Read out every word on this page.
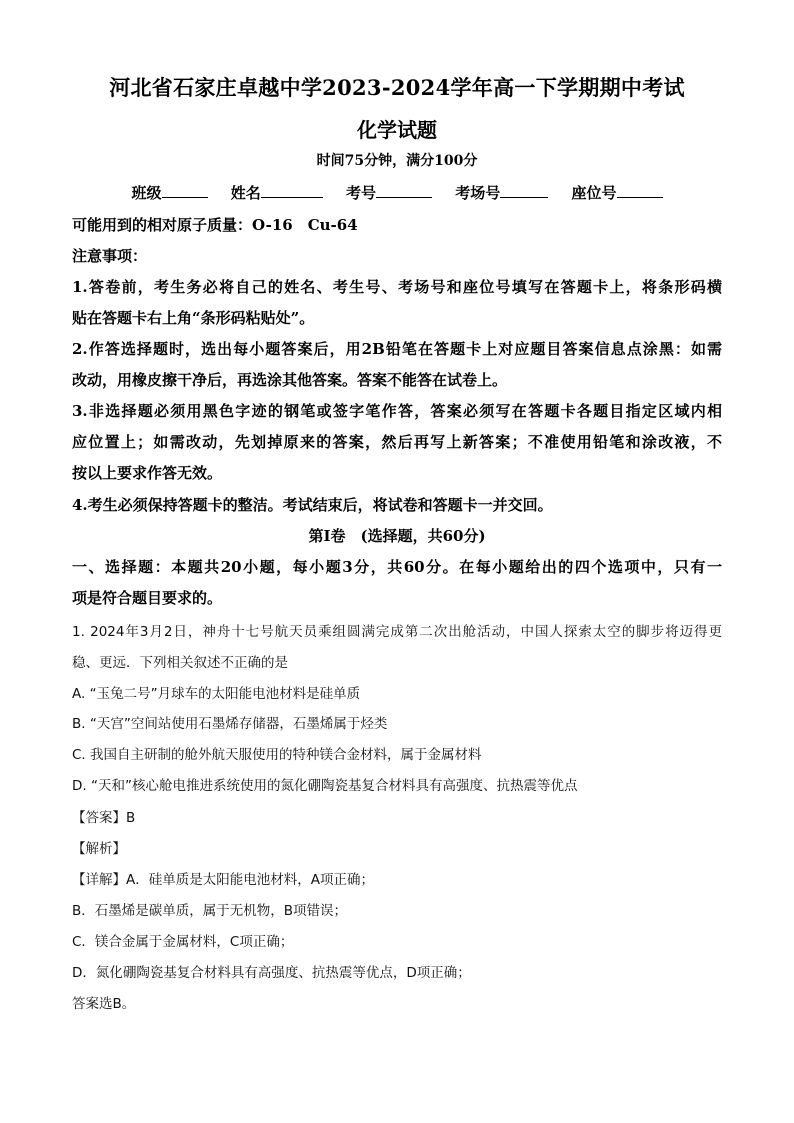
河北省石家庄卓越中学2023-2024学年高一下学期期中考试
化学试题
时间75分钟，满分100分
班级	姓名	考号	考场号	座位号
可能用到的相对原子质量：O-16　Cu-64
注意事项：
1.答卷前，考生务必将自己的姓名、考生号、考场号和座位号填写在答题卡上，将条形码横
贴在答题卡右上角“条形码粘贴处”。
2.作答选择题时，选出每小题答案后，用2B铅笔在答题卡上对应题目答案信息点涂黑：如需
改动，用橡皮擦干净后，再选涂其他答案。答案不能答在试卷上。
3.非选择题必须用黑色字迹的钢笔或签字笔作答，答案必须写在答题卡各题目指定区域内相
应位置上；如需改动，先划掉原来的答案，然后再写上新答案；不准使用铅笔和涂改液，不
按以上要求作答无效。
4.考生必须保持答题卡的整洁。考试结束后，将试卷和答题卡一并交回。
第Ⅰ卷　(选择题，共60分)
一、选择题：本题共20小题，每小题3分，共60分。在每小题给出的四个选项中，只有一
项是符合题目要求的。
1. 2024年3月2日，神舟十七号航天员乘组圆满完成第二次出舱活动，中国人探索太空的脚步将迈得更
稳、更远．下列相关叙述不正确的是
A. “玉兔二号”月球车的太阳能电池材料是硅单质
B. “天宫”空间站使用石墨烯存储器，石墨烯属于烃类
C. 我国自主研制的舱外航天服使用的特种镁合金材料，属于金属材料
D. “天和”核心舱电推进系统使用的氮化硼陶瓷基复合材料具有高强度、抗热震等优点
【答案】B
【解析】
【详解】A．硅单质是太阳能电池材料，A项正确；
B．石墨烯是碳单质，属于无机物，B项错误；
C．镁合金属于金属材料，C项正确；
D．氮化硼陶瓷基复合材料具有高强度、抗热震等优点，D项正确；
答案选B。
